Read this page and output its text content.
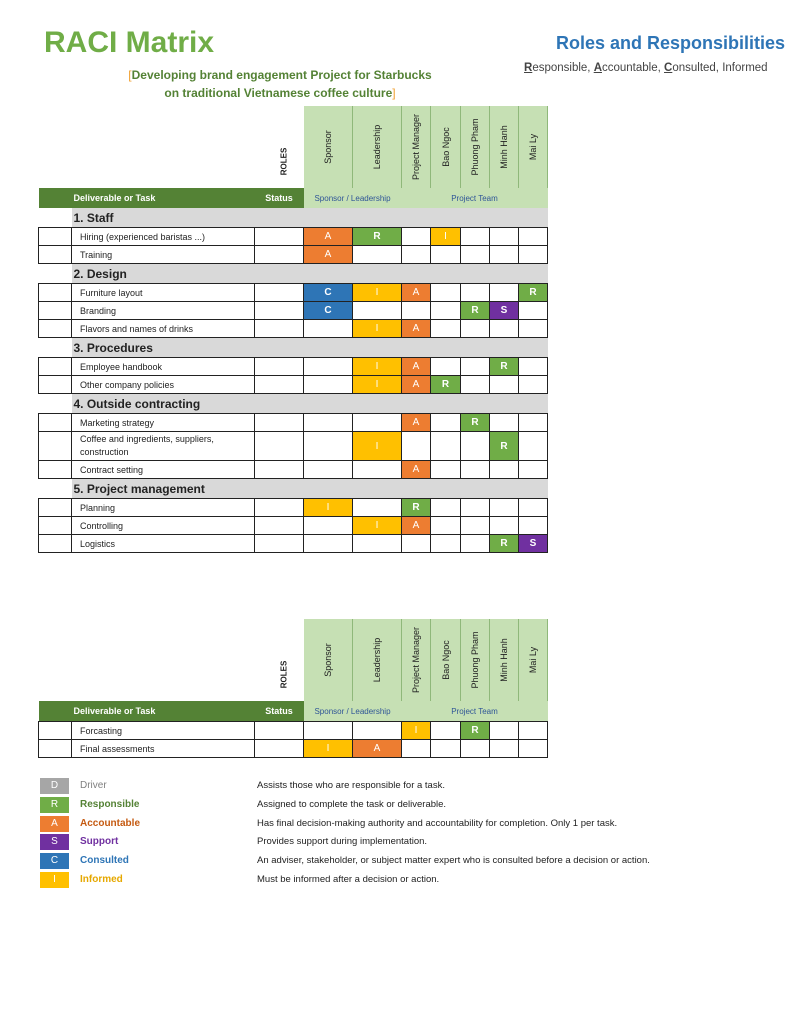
RACI Matrix
[Developing brand engagement Project for Starbucks
on traditional Vietnamese coffee culture]
Roles and Responsibilities
Responsible, Accountable, Consulted, Informed

		ROLES	Sponsor	Leadership	Project Manager	Bao Ngoc	Phuong Pham	Minh Hanh	Mai Ly

	Deliverable or Task	Status	Sponsor / Leadership		Project Team				
	1. Staff								
	Hiring (experienced baristas ...)		A	R		I			
	Training		A						
	2. Design								
	Furniture layout		C	I	A				R
	Branding		C				R	S	
	Flavors and names of drinks			I	A				
	3. Procedures								
	Employee handbook			I	A			R	
	Other company policies			I	A	R			
	4. Outside contracting								
	Marketing strategy				A		R		
	Coffee and ingredients, suppliers, construction			I				R	
	Contract setting				A				
	5. Project management								
	Planning		I		R				
	Controlling			I	A				
	Logistics							R	S

		ROLES	Sponsor	Leadership	Project Manager	Bao Ngoc	Phuong Pham	Minh Hanh	Mai Ly

	Deliverable or Task	Status	Sponsor / Leadership		Project Team				
	Forcasting				I		R		
	Final assessments		I	A					
D	Driver	Assists those who are responsible for a task.
R	Responsible	Assigned to complete the task or deliverable.
A	Accountable	Has final decision-making authority and accountability for completion. Only 1 per task.
S	Support	Provides support during implementation.
C	Consulted	An adviser, stakeholder, or subject matter expert who is consulted before a decision or action.
I	Informed	Must be informed after a decision or action.
